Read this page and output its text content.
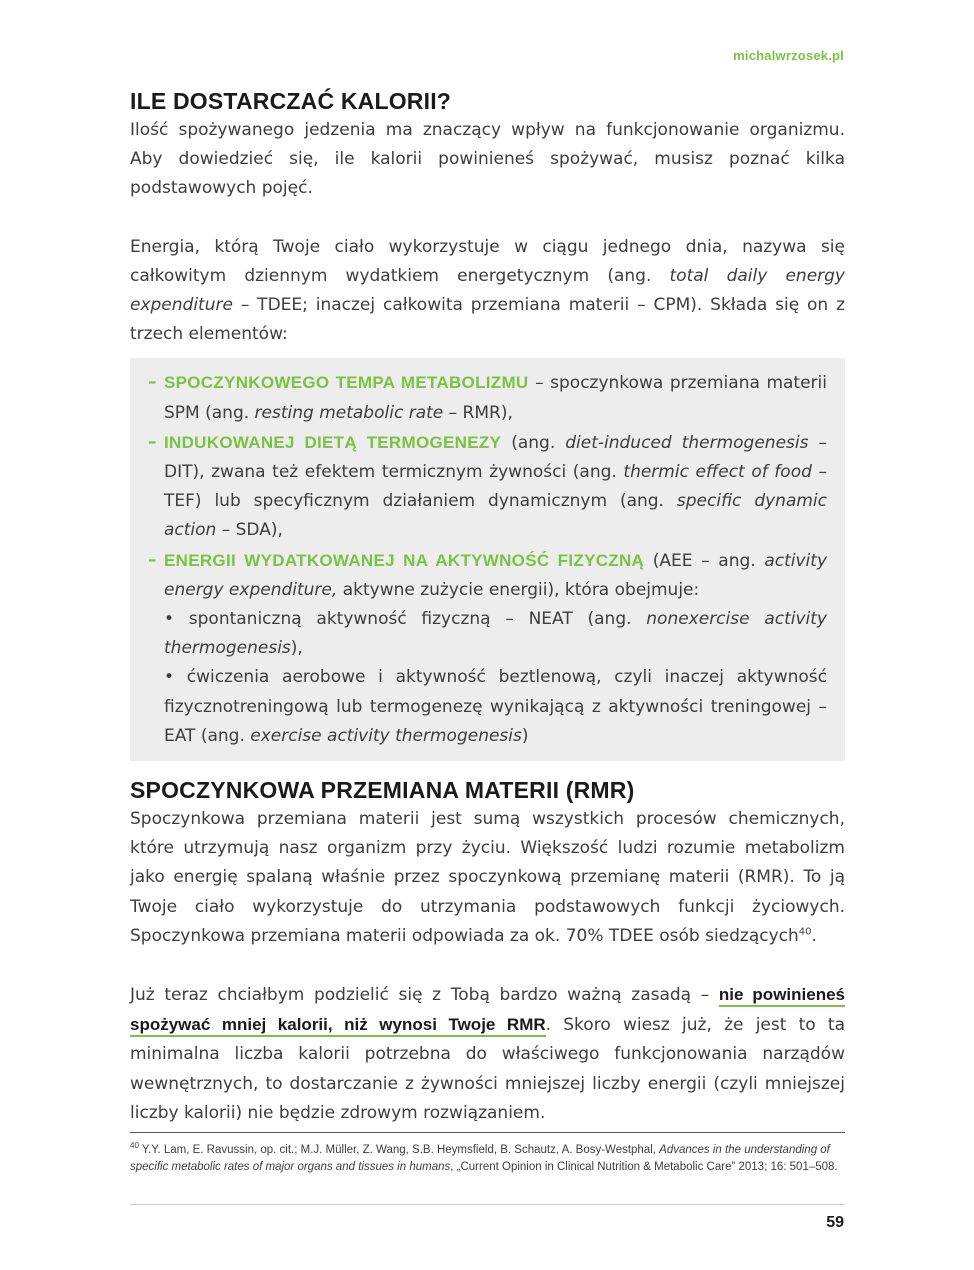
michalwrzosek.pl
ILE DOSTARCZAĆ KALORII?

Ilość spożywanego jedzenia ma znaczący wpływ na funkcjonowanie organizmu. Aby dowiedzieć się, ile kalorii powinieneś spożywać, musisz poznać kilka podstawowych pojęć.

Energia, którą Twoje ciało wykorzystuje w ciągu jednego dnia, nazywa się całkowitym dziennym wydatkiem energetycznym (ang. total daily energy expenditure – TDEE; inaczej całkowita przemiana materii – CPM). Składa się on z trzech elementów:

– SPOCZYNKOWEGO TEMPA METABOLIZMU – spoczynkowa przemiana materii SPM (ang. resting metabolic rate – RMR),
– INDUKOWANEJ DIETĄ TERMOGENEZY (ang. diet-induced thermogenesis – DIT), zwana też efektem termicznym żywności (ang. thermic effect of food – TEF) lub specyficznym działaniem dynamicznym (ang. specific dynamic action – SDA),
– ENERGII WYDATKOWANEJ NA AKTYWNOŚĆ FIZYCZNĄ (AEE – ang. activity energy expenditure, aktywne zużycie energii), która obejmuje:
• spontaniczną aktywność fizyczną – NEAT (ang. nonexercise activity thermogenesis),
• ćwiczenia aerobowe i aktywność beztlenową, czyli inaczej aktywność fizycznotreningową lub termogenezę wynikającą z aktywności treningowej – EAT (ang. exercise activity thermogenesis)
SPOCZYNKOWA PRZEMIANA MATERII (RMR)

Spoczynkowa przemiana materii jest sumą wszystkich procesów chemicznych, które utrzymują nasz organizm przy życiu. Większość ludzi rozumie metabolizm jako energię spalaną właśnie przez spoczynkową przemianę materii (RMR). To ją Twoje ciało wykorzystuje do utrzymania podstawowych funkcji życiowych. Spoczynkowa przemiana materii odpowiada za ok. 70% TDEE osób siedzących$^{40}$.

Już teraz chciałbym podzielić się z Tobą bardzo ważną zasadą – nie powinieneś spożywać mniej kalorii, niż wynosi Twoje RMR. Skoro wiesz już, że jest to ta minimalna liczba kalorii potrzebna do właściwego funkcjonowania narządów wewnętrznych, to dostarczanie z żywności mniejszej liczby energii (czyli mniejszej liczby kalorii) nie będzie zdrowym rozwiązaniem.

$^{40}$ Y.Y. Lam, E. Ravussin, op. cit.; M.J. Müller, Z. Wang, S.B. Heymsfield, B. Schautz, A. Bosy-Westphal, Advances in the understanding of specific metabolic rates of major organs and tissues in humans, „Current Opinion in Clinical Nutrition & Metabolic Care” 2013; 16: 501–508.
59
